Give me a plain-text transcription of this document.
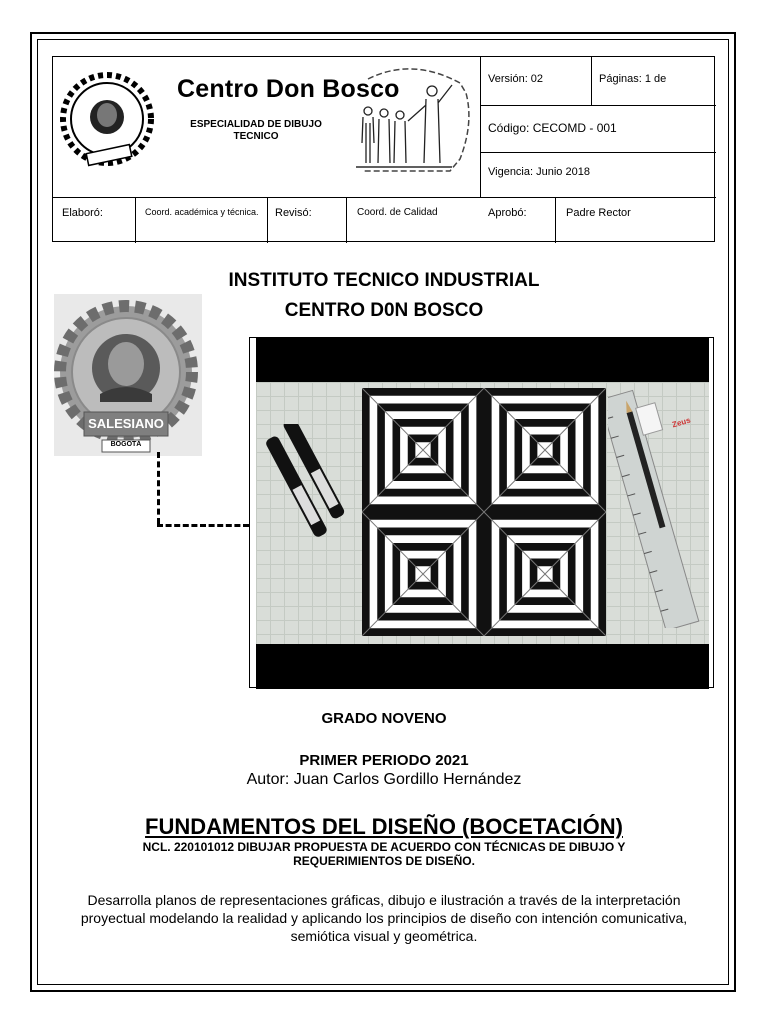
Centro Don Bosco
ESPECIALIDAD DE DIBUJO TECNICO
Versión: 02	Páginas: 1 de
Código: CECOMD - 001
Vigencia: Junio 2018
Elaboró:	Coord. académica y técnica. Revisó:	Coord. de Calidad	Aprobó:	Padre Rector
INSTITUTO TECNICO INDUSTRIAL
CENTRO D0N BOSCO
SALESIANO
BOGOTÁ
Zeus
GRADO NOVENO
PRIMER PERIODO 2021
Autor: Juan Carlos Gordillo Hernández
FUNDAMENTOS DEL DISEÑO (BOCETACIÓN)
NCL. 220101012 DIBUJAR PROPUESTA DE ACUERDO CON TÉCNICAS DE DIBUJO Y
REQUERIMIENTOS DE DISEÑO.
Desarrolla planos de representaciones gráficas, dibujo e ilustración a través de la interpretación
proyectual modelando la realidad y aplicando los principios de diseño con intención comunicativa,
semiótica visual y geométrica.
